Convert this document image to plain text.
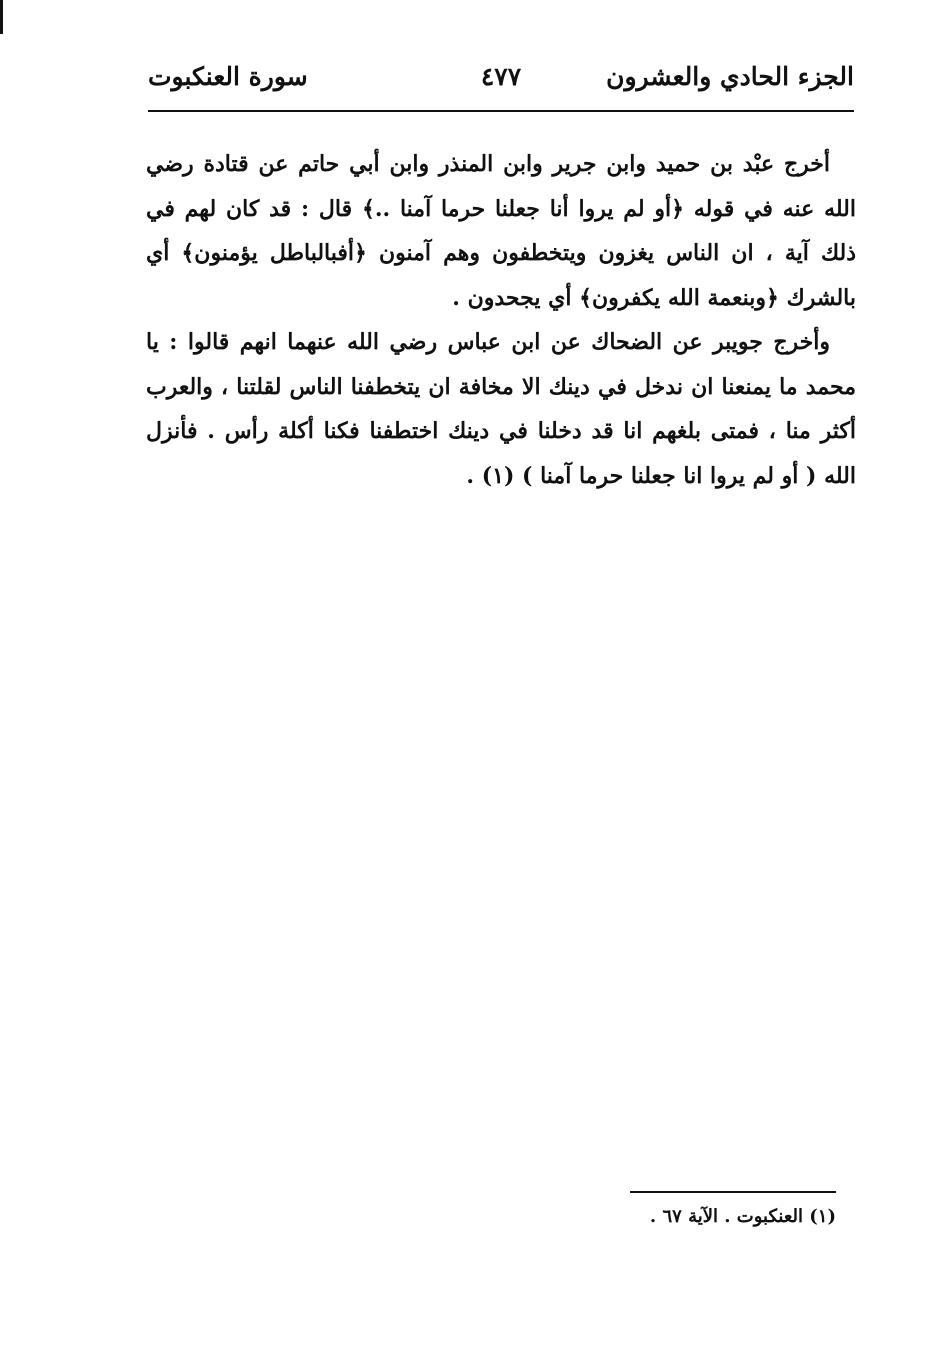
الجزء الحادي والعشرون
٤٧٧
سورة العنكبوت

أخرج عبْد بن حميد وابن جرير وابن المنذر وابن أبي حاتم عن قتادة رضي الله عنه في قوله ﴿أو لم يروا أنا جعلنا حرما آمنا ..﴾ قال : قد كان لهم في ذلك آية ، ان الناس يغزون ويتخطفون وهم آمنون ﴿أفبالباطل يؤمنون﴾ أي بالشرك ﴿وبنعمة الله يكفرون﴾ أي يجحدون .

وأخرج جويبر عن الضحاك عن ابن عباس رضي الله عنهما انهم قالوا : يا محمد ما يمنعنا ان ندخل في دينك الا مخافة ان يتخطفنا الناس لقلتنا ، والعرب أكثر منا ، فمتى بلغهم انا قد دخلنا في دينك اختطفنا فكنا أكلة رأس . فأنزل الله ( أو لم يروا انا جعلنا حرما آمنا ) (١) .

(١) العنكبوت . الآية ٦٧ .
